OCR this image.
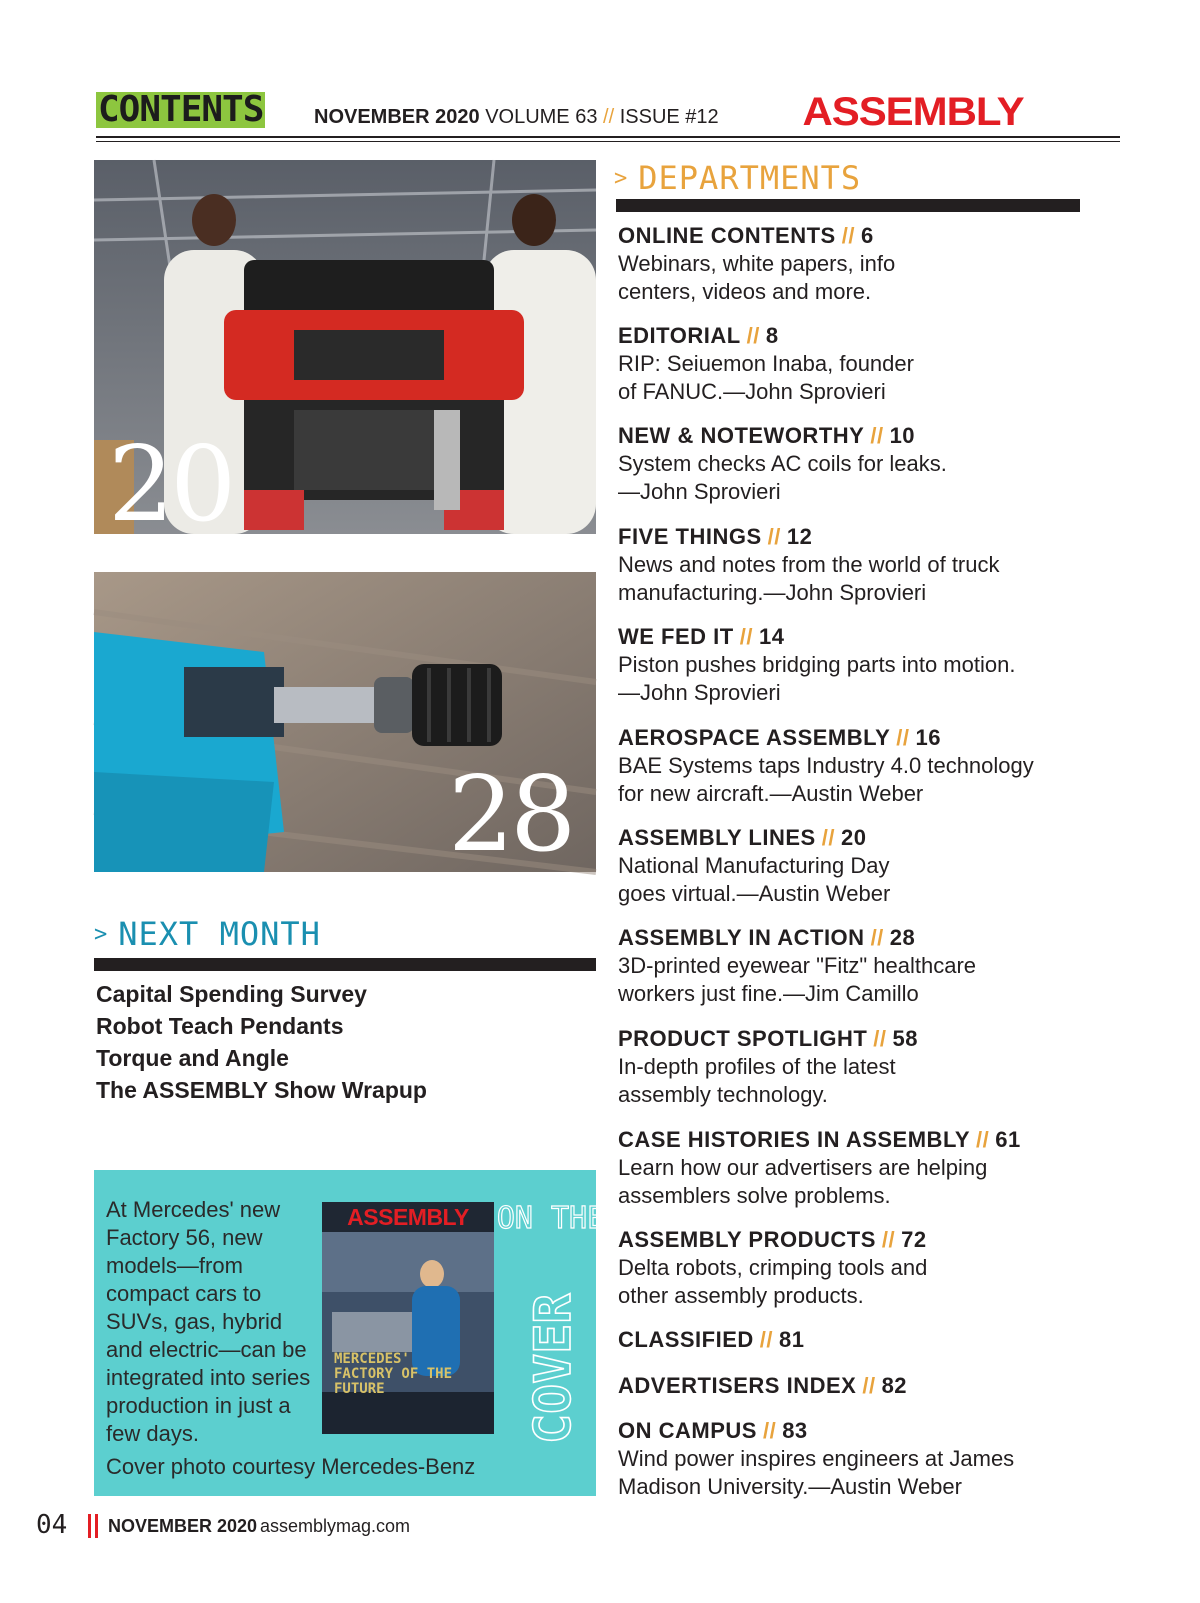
CONTENTS	NOVEMBER 2020 VOLUME 63 // ISSUE #12 ASSEMBLY
20
28
> NEXT MONTH
Capital Spending Survey
Robot Teach Pendants
Torque and Angle
The ASSEMBLY Show Wrapup
At Mercedes' new Factory 56, new models—from compact cars to SUVs, gas, hybrid and electric—can be integrated into series production in just a few days.
Cover photo courtesy Mercedes-Benz
ASSEMBLY
MERCEDES' FACTORY OF THE FUTURE
ON THE
COVER
> DEPARTMENTS
ONLINE CONTENTS // 6
Webinars, white papers, info centers, videos and more.
EDITORIAL // 8
RIP: Seiuemon Inaba, founder of FANUC.—John Sprovieri
NEW & NOTEWORTHY // 10
System checks AC coils for leaks. —John Sprovieri
FIVE THINGS // 12
News and notes from the world of truck manufacturing.—John Sprovieri
WE FED IT // 14
Piston pushes bridging parts into motion. —John Sprovieri
AEROSPACE ASSEMBLY // 16
BAE Systems taps Industry 4.0 technology for new aircraft.—Austin Weber
ASSEMBLY LINES // 20
National Manufacturing Day goes virtual.—Austin Weber
ASSEMBLY IN ACTION // 28
3D-printed eyewear "Fitz" healthcare workers just fine.—Jim Camillo
PRODUCT SPOTLIGHT // 58
In-depth profiles of the latest assembly technology.
CASE HISTORIES IN ASSEMBLY // 61
Learn how our advertisers are helping assemblers solve problems.
ASSEMBLY PRODUCTS // 72
Delta robots, crimping tools and other assembly products.
CLASSIFIED // 81
ADVERTISERS INDEX // 82
ON CAMPUS // 83
Wind power inspires engineers at James Madison University.—Austin Weber
04 NOVEMBER 2020 assemblymag.com
